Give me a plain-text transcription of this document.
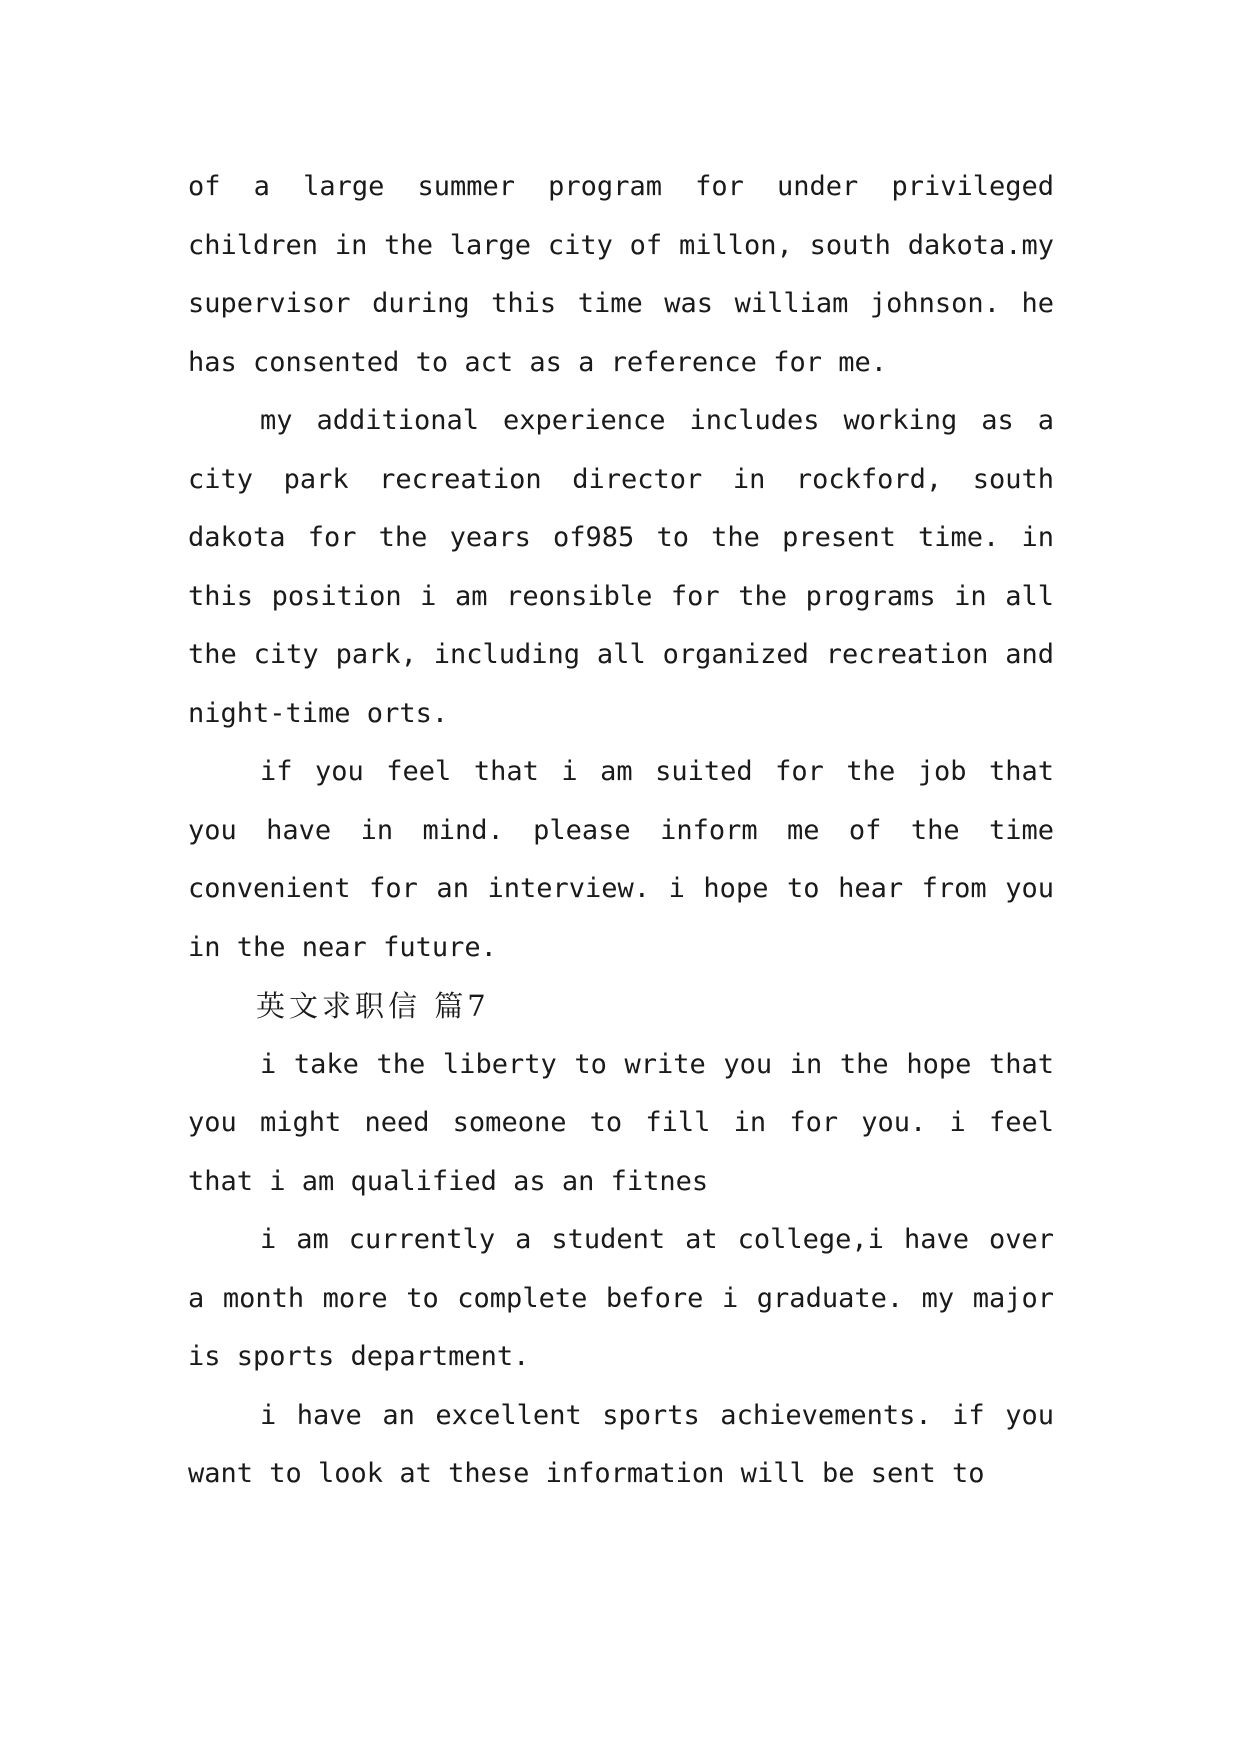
of a large summer program for under privileged children in the large city of millon, south dakota.my supervisor during this time was william johnson. he has consented to act as a reference for me.

my additional experience includes working as a city park recreation director in rockford, south dakota for the years of985 to the present time. in this position i am reonsible for the programs in all the city park, including all organized recreation and night-time orts.

if you feel that i am suited for the job that you have in mind. please inform me of the time convenient for an interview. i hope to hear from you in the near future.

英文求职信 篇7

i take the liberty to write you in the hope that you might need someone to fill in for you. i feel that i am qualified as an fitnes

i am currently a student at college,i have over a month more to complete before i graduate. my major is sports department.

i have an excellent sports achievements. if you want to look at these information will be sent to
